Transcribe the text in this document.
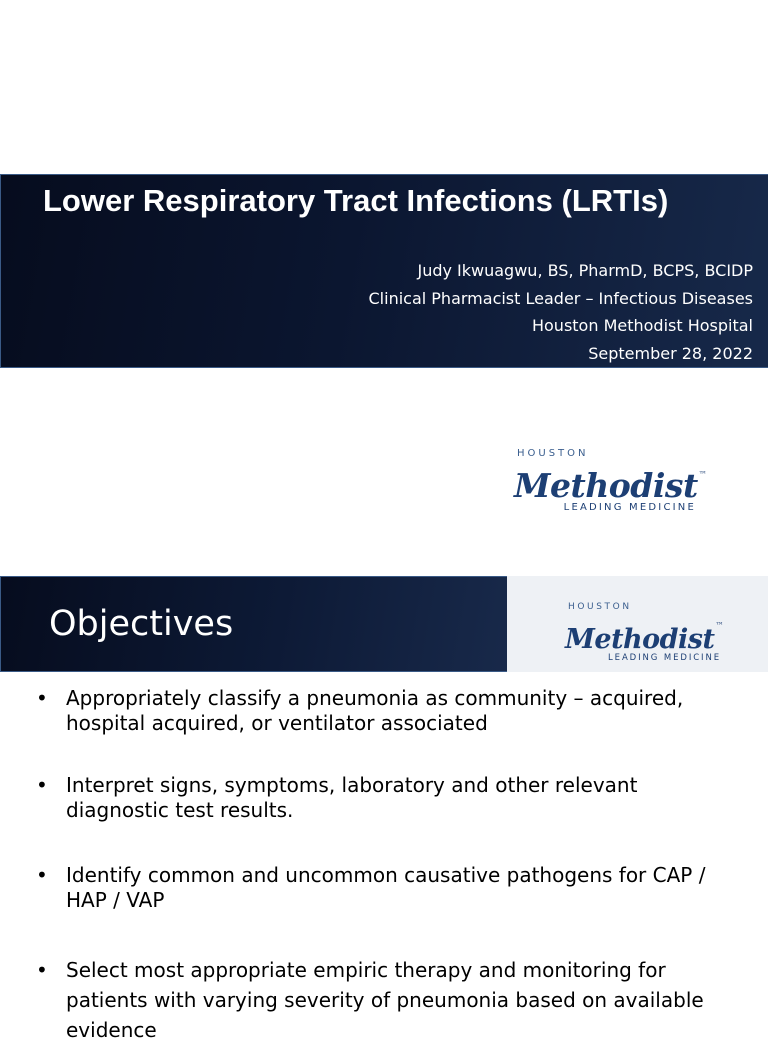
Lower Respiratory Tract Infections (LRTIs)
Judy Ikwuagwu, BS, PharmD, BCPS, BCIDP
Clinical Pharmacist Leader – Infectious Diseases
Houston Methodist Hospital
September 28, 2022
HOUSTON
Methodist™
LEADING MEDICINE
Objectives	HOUSTON
Methodist™
LEADING MEDICINE
• Appropriately classify a pneumonia as community – acquired, hospital acquired, or ventilator associated
• Interpret signs, symptoms, laboratory and other relevant diagnostic test results.
• Identify common and uncommon causative pathogens for CAP / HAP / VAP
• Select most appropriate empiric therapy and monitoring for patients with varying severity of pneumonia based on available evidence
